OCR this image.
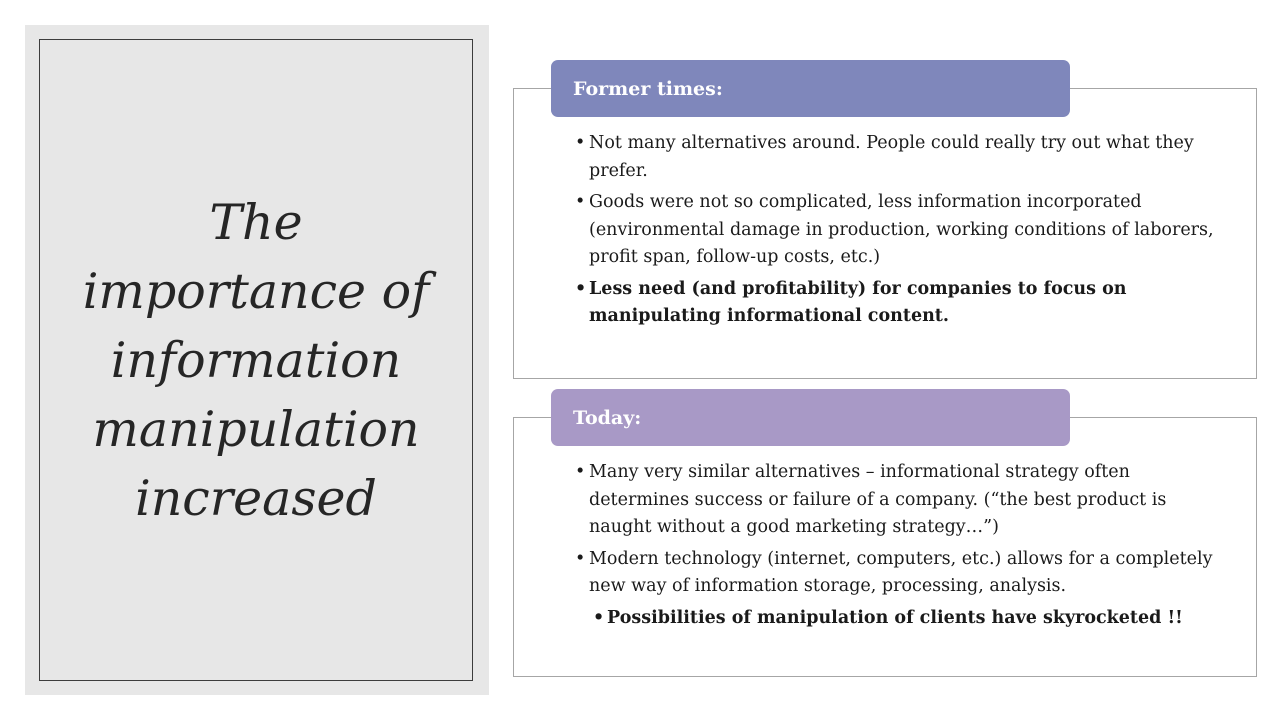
The importance of information manipulation increased
Former times:
• Not many alternatives around. People could really try out what they prefer.
• Goods were not so complicated, less information incorporated (environmental damage in production, working conditions of laborers, profit span, follow-up costs, etc.)
• Less need (and profitability) for companies to focus on manipulating informational content.
Today:
• Many very similar alternatives – informational strategy often determines success or failure of a company. (“the best product is naught without a good marketing strategy…”)
• Modern technology (internet, computers, etc.) allows for a completely new way of information storage, processing, analysis.
• Possibilities of manipulation of clients have skyrocketed !!
